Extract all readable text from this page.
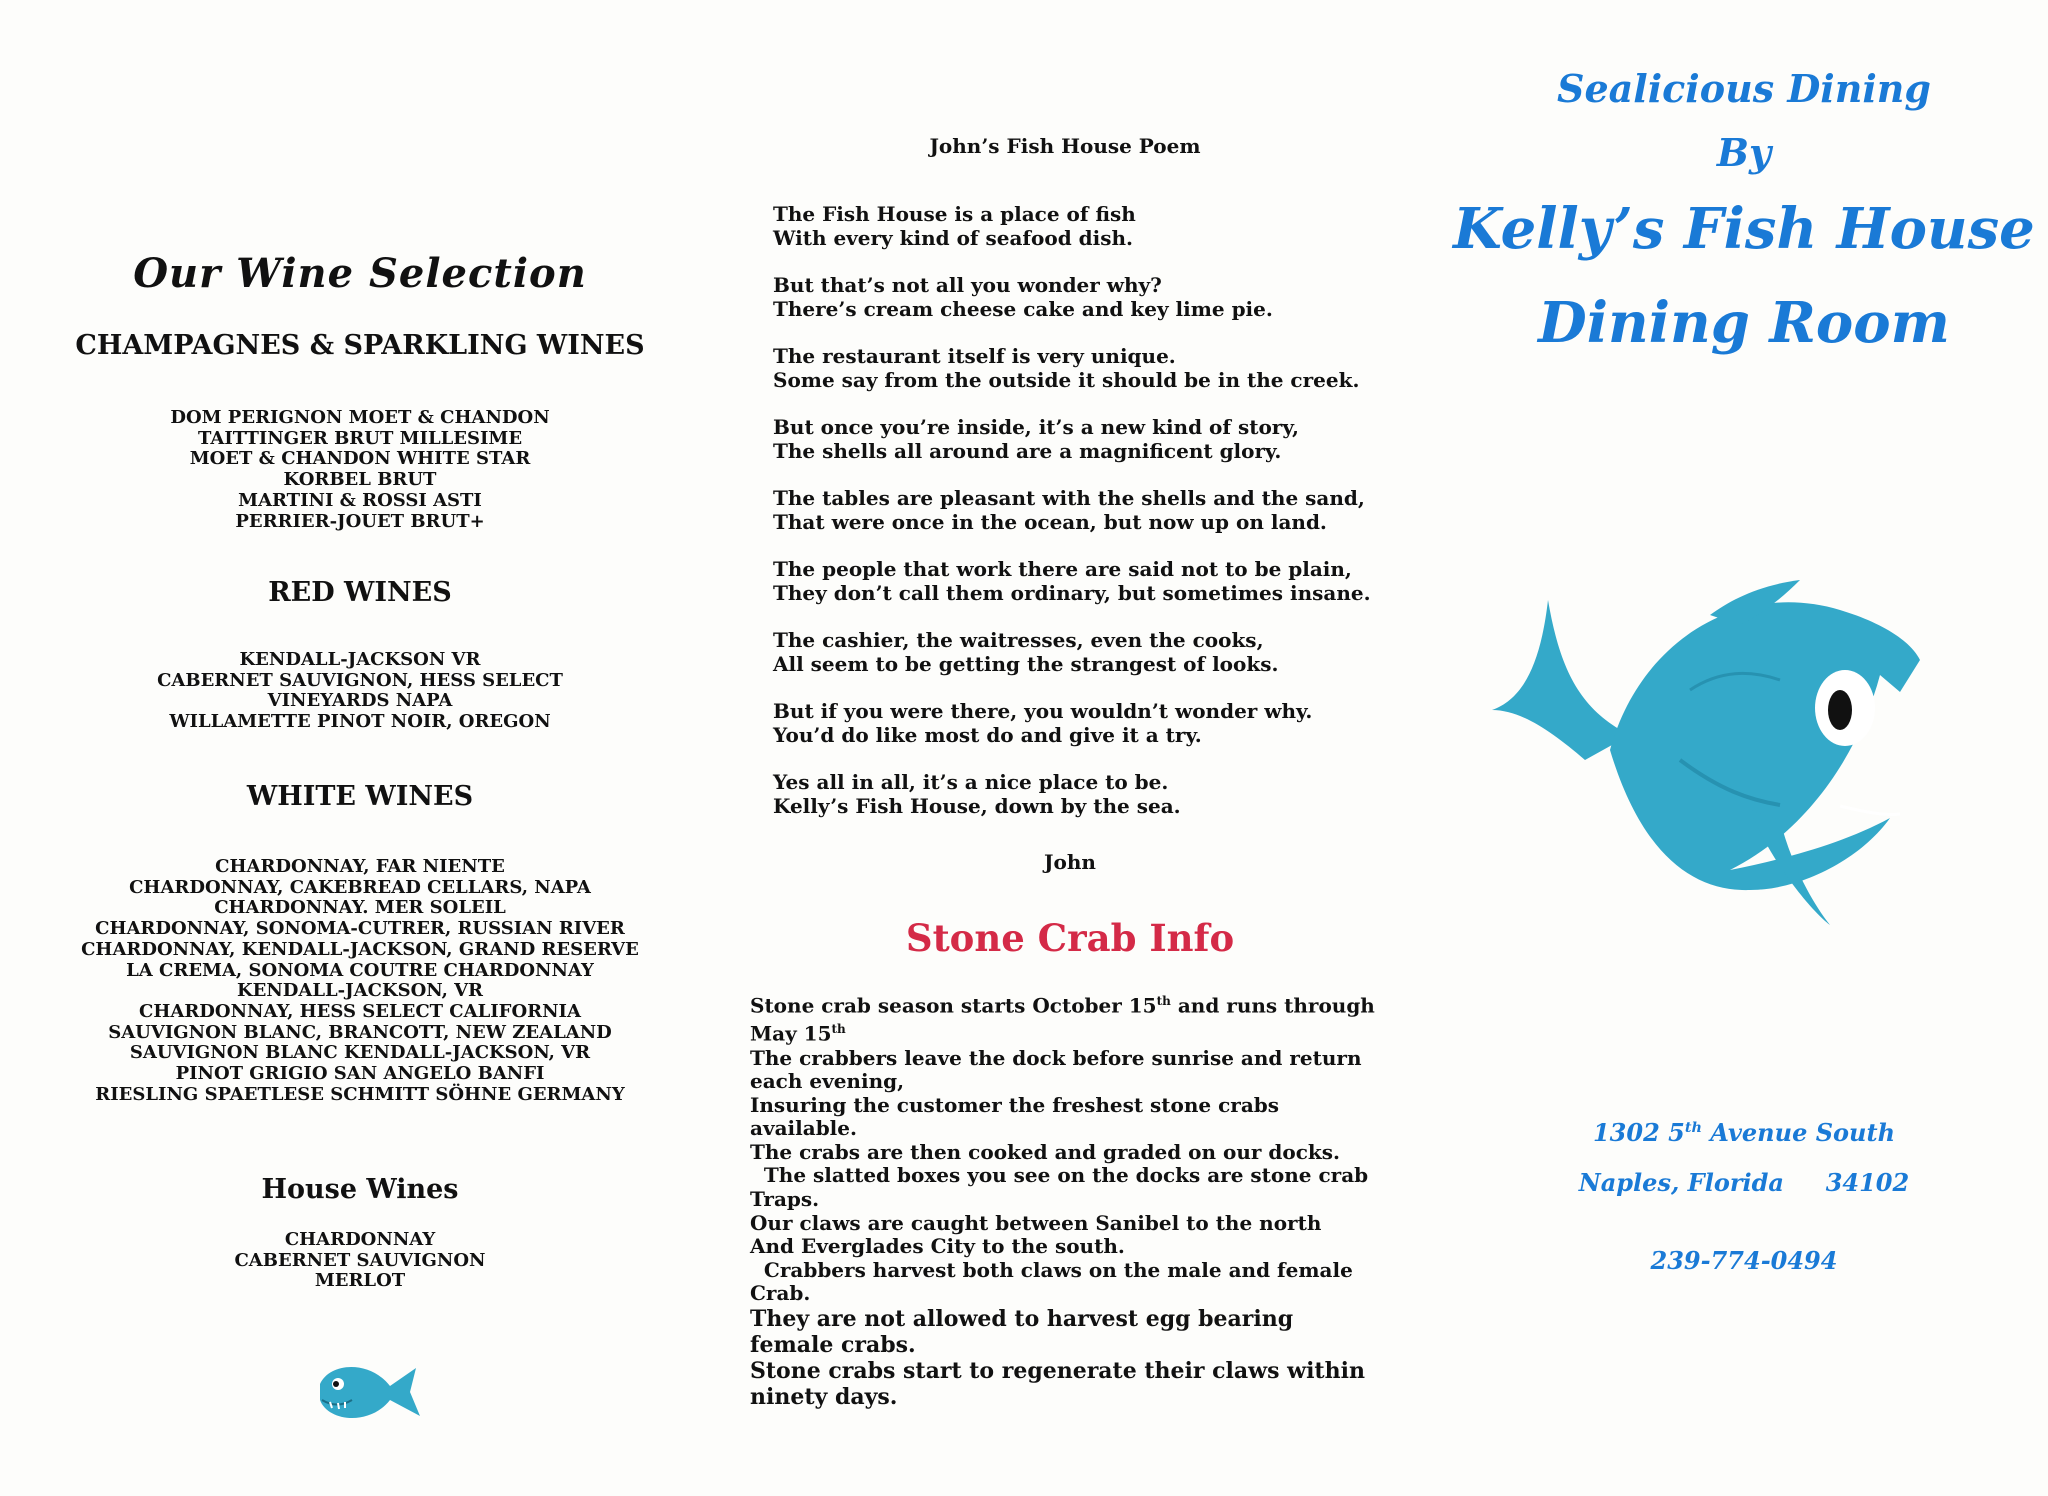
Our Wine Selection
CHAMPAGNES & SPARKLING WINES
DOM PERIGNON MOET & CHANDON
TAITTINGER BRUT MILLESIME
MOET & CHANDON WHITE STAR
KORBEL BRUT
MARTINI & ROSSI ASTI
PERRIER-JOUET BRUT+
RED WINES
KENDALL-JACKSON VR
CABERNET SAUVIGNON, HESS SELECT
VINEYARDS NAPA
WILLAMETTE PINOT NOIR, OREGON
WHITE WINES
CHARDONNAY, FAR NIENTE
CHARDONNAY, CAKEBREAD CELLARS, NAPA
CHARDONNAY. MER SOLEIL
CHARDONNAY, SONOMA-CUTRER, RUSSIAN RIVER
CHARDONNAY, KENDALL-JACKSON, GRAND RESERVE
LA CREMA, SONOMA COUTRE CHARDONNAY
KENDALL-JACKSON, VR
CHARDONNAY, HESS SELECT CALIFORNIA
SAUVIGNON BLANC, BRANCOTT, NEW ZEALAND
SAUVIGNON BLANC KENDALL-JACKSON, VR
PINOT GRIGIO SAN ANGELO BANFI
RIESLING SPAETLESE SCHMITT SÖHNE GERMANY
House Wines
CHARDONNAY
CABERNET SAUVIGNON
MERLOT
John’s Fish House Poem
The Fish House is a place of fish
With every kind of seafood dish.
But that’s not all you wonder why?
There’s cream cheese cake and key lime pie.
The restaurant itself is very unique.
Some say from the outside it should be in the creek.
But once you’re inside, it’s a new kind of story,
The shells all around are a magnificent glory.
The tables are pleasant with the shells and the sand,
That were once in the ocean, but now up on land.
The people that work there are said not to be plain,
They don’t call them ordinary, but sometimes insane.
The cashier, the waitresses, even the cooks,
All seem to be getting the strangest of looks.
But if you were there, you wouldn’t wonder why.
You’d do like most do and give it a try.
Yes all in all, it’s a nice place to be.
Kelly’s Fish House, down by the sea.
John
Stone Crab Info
Stone crab season starts October 15th and runs through
May 15th
The crabbers leave the dock before sunrise and return
each evening,
Insuring the customer the freshest stone crabs
available.
The crabs are then cooked and graded on our docks.
The slatted boxes you see on the docks are stone crab
Traps.
Our claws are caught between Sanibel to the north
And Everglades City to the south.
Crabbers harvest both claws on the male and female
Crab.
They are not allowed to harvest egg bearing
female crabs.
Stone crabs start to regenerate their claws within
ninety days.
Sealicious Dining
By
Kelly’s Fish House
Dining Room
1302 5th Avenue South
Naples, Florida     34102
239-774-0494
